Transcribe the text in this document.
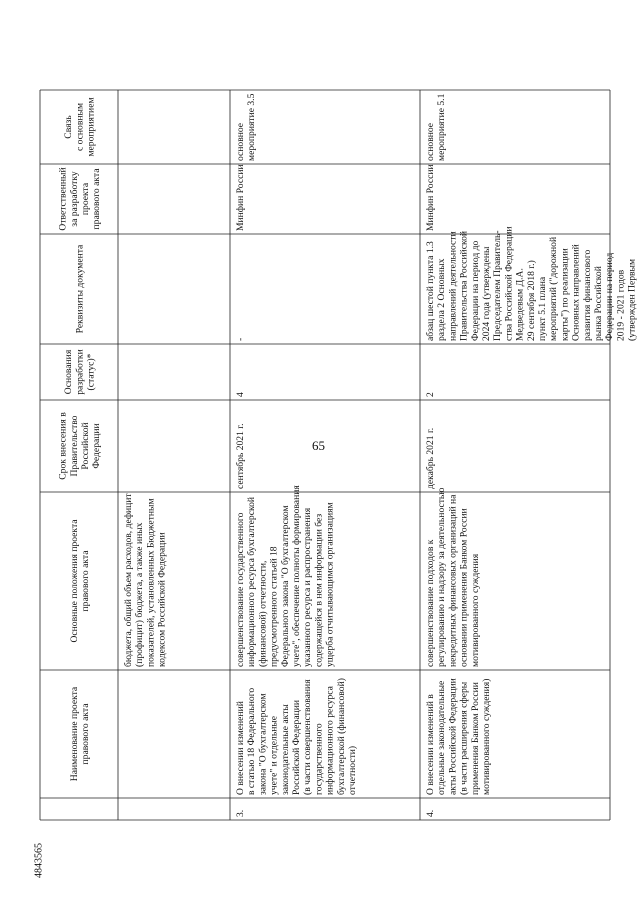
65
4843565
Наименование проекта правового акта
Основные положения проекта правового акта
Срок внесения в Правительство Российской Федерации
Основания разработки (статус)*
Реквизиты документа
Ответственный за разработку проекта правового акта
Связь с основным мероприятием
бюджета, общий объем расходов, дефицит (профицит) бюджета, а также иных показателей, установленных Бюджетным кодексом Российской Федерации
3.
О внесении изменений в статью 18 Федерального закона "О бухгалтерском учете" и отдельные законодательные акты Российской Федерации (в части совершенствования государственного информационного ресурса бухгалтерской (финансовой) отчетности)
совершенствование государственного информационного ресурса бухгалтерской (финансовой) отчетности, предусмотренного статьей 18 Федерального закона "О бухгалтерском учете", обеспечение полноты формирования указанного ресурса и распространения содержащейся в нем информации без ущерба отчитывающимся организациям
сентябрь 2021 г.
4
-
Минфин России
основное мероприятие 3.5
4.
О внесении изменений в отдельные законодательные акты Российской Федерации (в части расширения сферы применения Банком России мотивированного суждения)
совершенствование подходов к регулированию и надзору за деятельностью некредитных финансовых организаций на основании применения Банком России мотивированного суждения
декабрь 2021 г.
2
абзац шестой пункта 1.3 раздела 2 Основных направлений деятельности Правительства Российской Федерации на период до 2024 года (утверждены Председателем Правитель- ства Российской Федерации Медведевым Д.А. 29 сентября 2018 г.) пункт 5.1 плана мероприятий ("дорожной карты") по реализации Основных направлений развития финансового рынка Российской Федерации на период 2019 - 2021 годов (утвержден Первым
Минфин России
основное мероприятие 5.1
